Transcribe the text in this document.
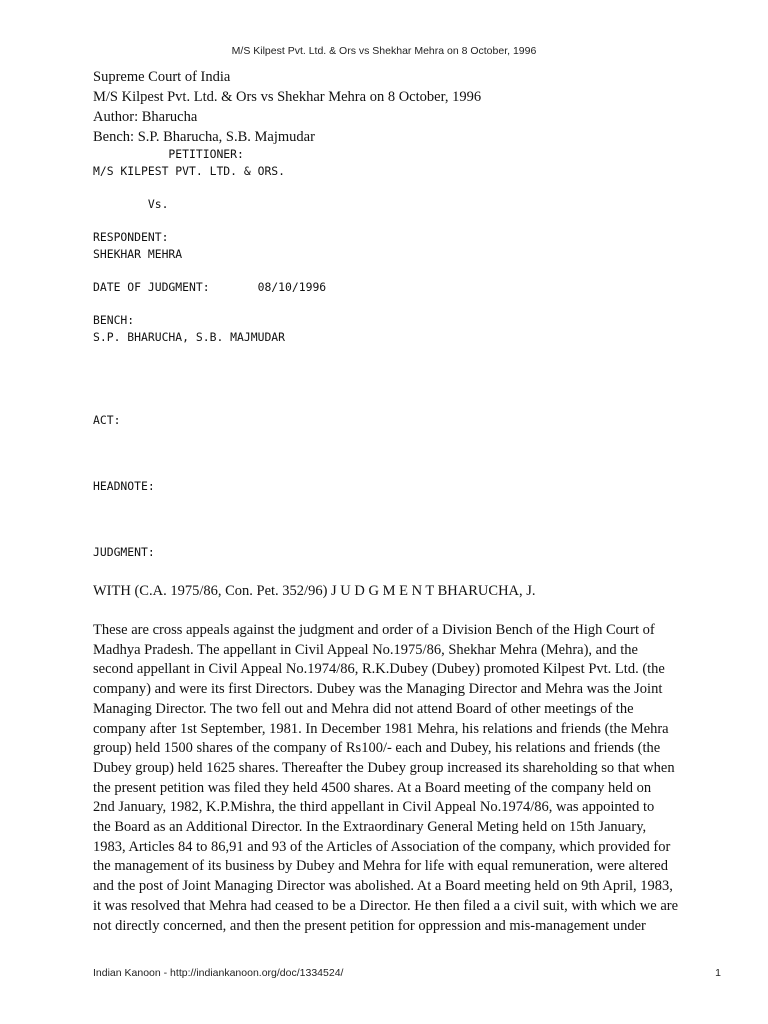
M/S Kilpest Pvt. Ltd. & Ors vs Shekhar Mehra on 8 October, 1996
Supreme Court of India
M/S Kilpest Pvt. Ltd. & Ors vs Shekhar Mehra on 8 October, 1996
Author: Bharucha
Bench: S.P. Bharucha, S.B. Majmudar
PETITIONER:
M/S KILPEST PVT. LTD. & ORS.
Vs.
RESPONDENT:
SHEKHAR MEHRA
DATE OF JUDGMENT:       08/10/1996
BENCH:
S.P. BHARUCHA, S.B. MAJMUDAR
ACT:
HEADNOTE:
JUDGMENT:
WITH (C.A. 1975/86, Con. Pet. 352/96) J U D G M E N T BHARUCHA, J.
These are cross appeals against the judgment and order of a Division Bench of the High Court of
Madhya Pradesh. The appellant in Civil Appeal No.1975/86, Shekhar Mehra (Mehra), and the
second appellant in Civil Appeal No.1974/86, R.K.Dubey (Dubey) promoted Kilpest Pvt. Ltd. (the
company) and were its first Directors. Dubey was the Managing Director and Mehra was the Joint
Managing Director. The two fell out and Mehra did not attend Board of other meetings of the
company after 1st September, 1981. In December 1981 Mehra, his relations and friends (the Mehra
group) held 1500 shares of the company of Rs100/- each and Dubey, his relations and friends (the
Dubey group) held 1625 shares. Thereafter the Dubey group increased its shareholding so that when
the present petition was filed they held 4500 shares. At a Board meeting of the company held on
2nd January, 1982, K.P.Mishra, the third appellant in Civil Appeal No.1974/86, was appointed to
the Board as an Additional Director. In the Extraordinary General Meting held on 15th January,
1983, Articles 84 to 86,91 and 93 of the Articles of Association of the company, which provided for
the management of its business by Dubey and Mehra for life with equal remuneration, were altered
and the post of Joint Managing Director was abolished. At a Board meeting held on 9th April, 1983,
it was resolved that Mehra had ceased to be a Director. He then filed a a civil suit, with which we are
not directly concerned, and then the present petition for oppression and mis-management under
Indian Kanoon - http://indiankanoon.org/doc/1334524/	1
